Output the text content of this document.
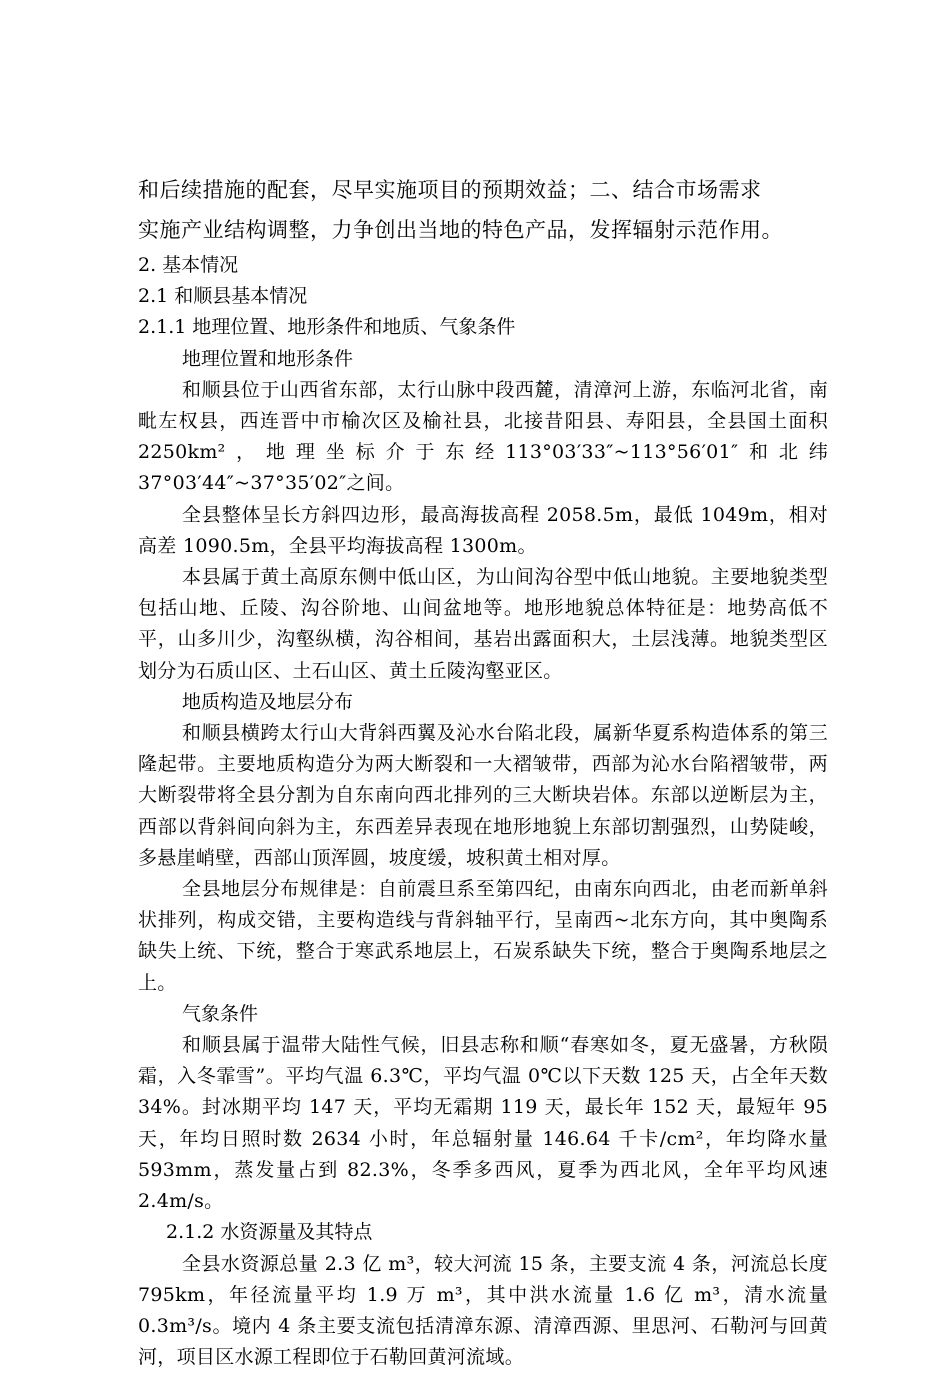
和后续措施的配套，尽早实施项目的预期效益；二、结合市场需求

实施产业结构调整，力争创出当地的特色产品，发挥辐射示范作用。

2. 基本情况

2.1 和顺县基本情况

2.1.1 地理位置、地形条件和地质、气象条件

地理位置和地形条件

和顺县位于山西省东部，太行山脉中段西麓，清漳河上游，东临河北省，南毗左权县，西连晋中市榆次区及榆社县，北接昔阳县、寿阳县，全县国土面积 2250km²，地理坐标介于东经113°03′33″~113°56′01″和北纬37°03′44″~37°35′02″之间。

全县整体呈长方斜四边形，最高海拔高程 2058.5m，最低 1049m，相对高差 1090.5m，全县平均海拔高程 1300m。

本县属于黄土高原东侧中低山区，为山间沟谷型中低山地貌。主要地貌类型包括山地、丘陵、沟谷阶地、山间盆地等。地形地貌总体特征是：地势高低不平，山多川少，沟壑纵横，沟谷相间，基岩出露面积大，土层浅薄。地貌类型区划分为石质山区、土石山区、黄土丘陵沟壑亚区。

地质构造及地层分布

和顺县横跨太行山大背斜西翼及沁水台陷北段，属新华夏系构造体系的第三隆起带。主要地质构造分为两大断裂和一大褶皱带，西部为沁水台陷褶皱带，两大断裂带将全县分割为自东南向西北排列的三大断块岩体。东部以逆断层为主，西部以背斜间向斜为主，东西差异表现在地形地貌上东部切割强烈，山势陡峻，多悬崖峭壁，西部山顶浑圆，坡度缓，坡积黄土相对厚。

全县地层分布规律是：自前震旦系至第四纪，由南东向西北，由老而新单斜状排列，构成交错，主要构造线与背斜轴平行，呈南西~北东方向，其中奥陶系缺失上统、下统，整合于寒武系地层上，石炭系缺失下统，整合于奥陶系地层之上。

气象条件

和顺县属于温带大陆性气候，旧县志称和顺“春寒如冬，夏无盛暑，方秋陨霜，入冬霏雪”。平均气温 6.3℃，平均气温 0℃以下天数 125 天，占全年天数 34%。封冰期平均 147 天，平均无霜期 119 天，最长年 152 天，最短年 95 天，年均日照时数 2634 小时，年总辐射量 146.64 千卡/cm²，年均降水量 593mm，蒸发量占到 82.3%，冬季多西风，夏季为西北风，全年平均风速 2.4m/s。

2.1.2 水资源量及其特点

全县水资源总量 2.3 亿 m³，较大河流 15 条，主要支流 4 条，河流总长度 795km，年径流量平均 1.9 万 m³，其中洪水流量 1.6 亿 m³，清水流量 0.3m³/s。境内 4 条主要支流包括清漳东源、清漳西源、里思河、石勒河与回黄河，项目区水源工程即位于石勒回黄河流域。
